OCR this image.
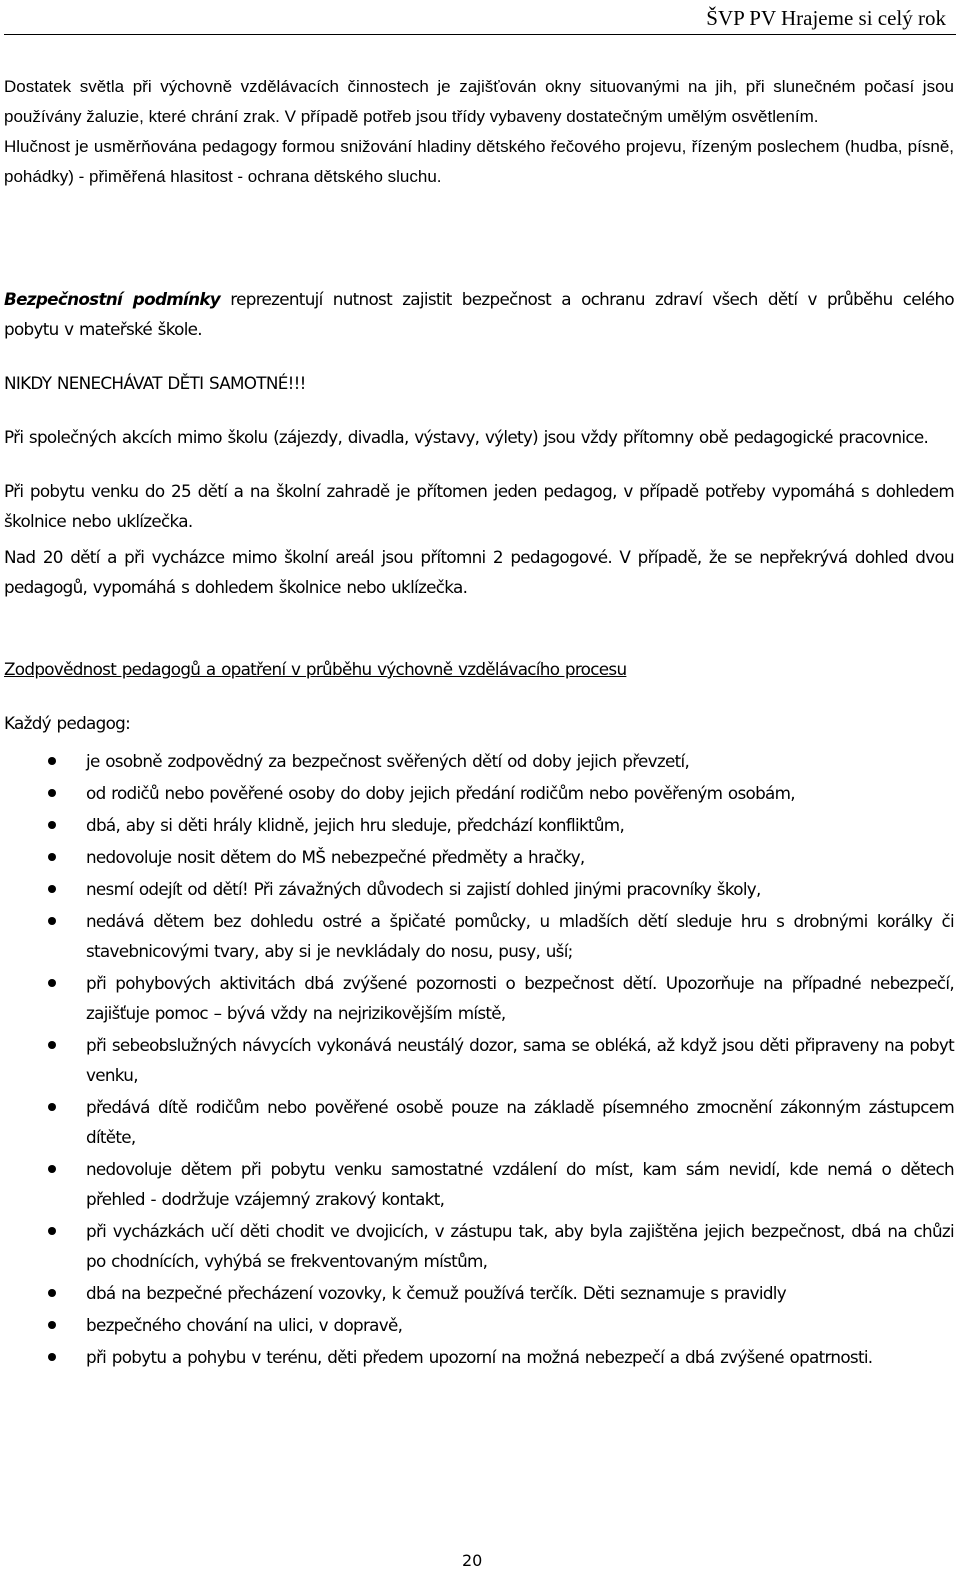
ŠVP PV Hrajeme si celý rok
Dostatek světla při výchovně vzdělávacích činnostech je zajišťován okny situovanými na jih, při slunečném počasí jsou používány žaluzie, které chrání zrak. V případě potřeb jsou třídy vybaveny dostatečným umělým osvětlením.
Hlučnost je usměrňována pedagogy formou snižování hladiny dětského řečového projevu, řízeným poslechem (hudba, písně, pohádky) - přiměřená hlasitost - ochrana dětského sluchu.

Bezpečnostní podmínky reprezentují nutnost zajistit bezpečnost a ochranu zdraví všech dětí v průběhu celého pobytu v mateřské škole.

NIKDY NENECHÁVAT DĚTI SAMOTNÉ!!!

Při společných akcích mimo školu (zájezdy, divadla, výstavy, výlety) jsou vždy přítomny obě pedagogické pracovnice.

Při pobytu venku do 25 dětí a na školní zahradě je přítomen jeden pedagog, v případě potřeby vypomáhá s dohledem školnice nebo uklízečka.

Nad 20 dětí a při vycházce mimo školní areál jsou přítomni 2 pedagogové. V případě, že se nepřekrývá dohled dvou pedagogů, vypomáhá s dohledem školnice nebo uklízečka.

Zodpovědnost pedagogů a opatření v průběhu výchovně vzdělávacího procesu

Každý pedagog:

je osobně zodpovědný za bezpečnost svěřených dětí od doby jejich převzetí,
od rodičů nebo pověřené osoby do doby jejich předání rodičům nebo pověřeným osobám,
dbá, aby si děti hrály klidně, jejich hru sleduje, předchází konfliktům,
nedovoluje nosit dětem do MŠ nebezpečné předměty a hračky,
nesmí odejít od dětí! Při závažných důvodech si zajistí dohled jinými pracovníky školy,
nedává dětem bez dohledu ostré a špičaté pomůcky, u mladších dětí sleduje hru s drobnými korálky či stavebnicovými tvary, aby si je nevkládaly do nosu, pusy, uší;
při pohybových aktivitách dbá zvýšené pozornosti o bezpečnost dětí. Upozorňuje na případné nebezpečí, zajišťuje pomoc – bývá vždy na nejrizikovějším místě,
při sebeobslužných návycích vykonává neustálý dozor, sama se obléká, až když jsou děti připraveny na pobyt venku,
předává dítě rodičům nebo pověřené osobě pouze na základě písemného zmocnění zákonným zástupcem dítěte,
nedovoluje dětem při pobytu venku samostatné vzdálení do míst, kam sám nevidí, kde nemá o dětech přehled - dodržuje vzájemný zrakový kontakt,
při vycházkách učí děti chodit ve dvojicích, v zástupu tak, aby byla zajištěna jejich bezpečnost, dbá na chůzi po chodnících, vyhýbá se frekventovaným místům,
dbá na bezpečné přecházení vozovky, k čemuž používá terčík. Děti seznamuje s pravidly
bezpečného chování na ulici, v dopravě,
při pobytu a pohybu v terénu, děti předem upozorní na možná nebezpečí a dbá zvýšené opatrnosti.
20
